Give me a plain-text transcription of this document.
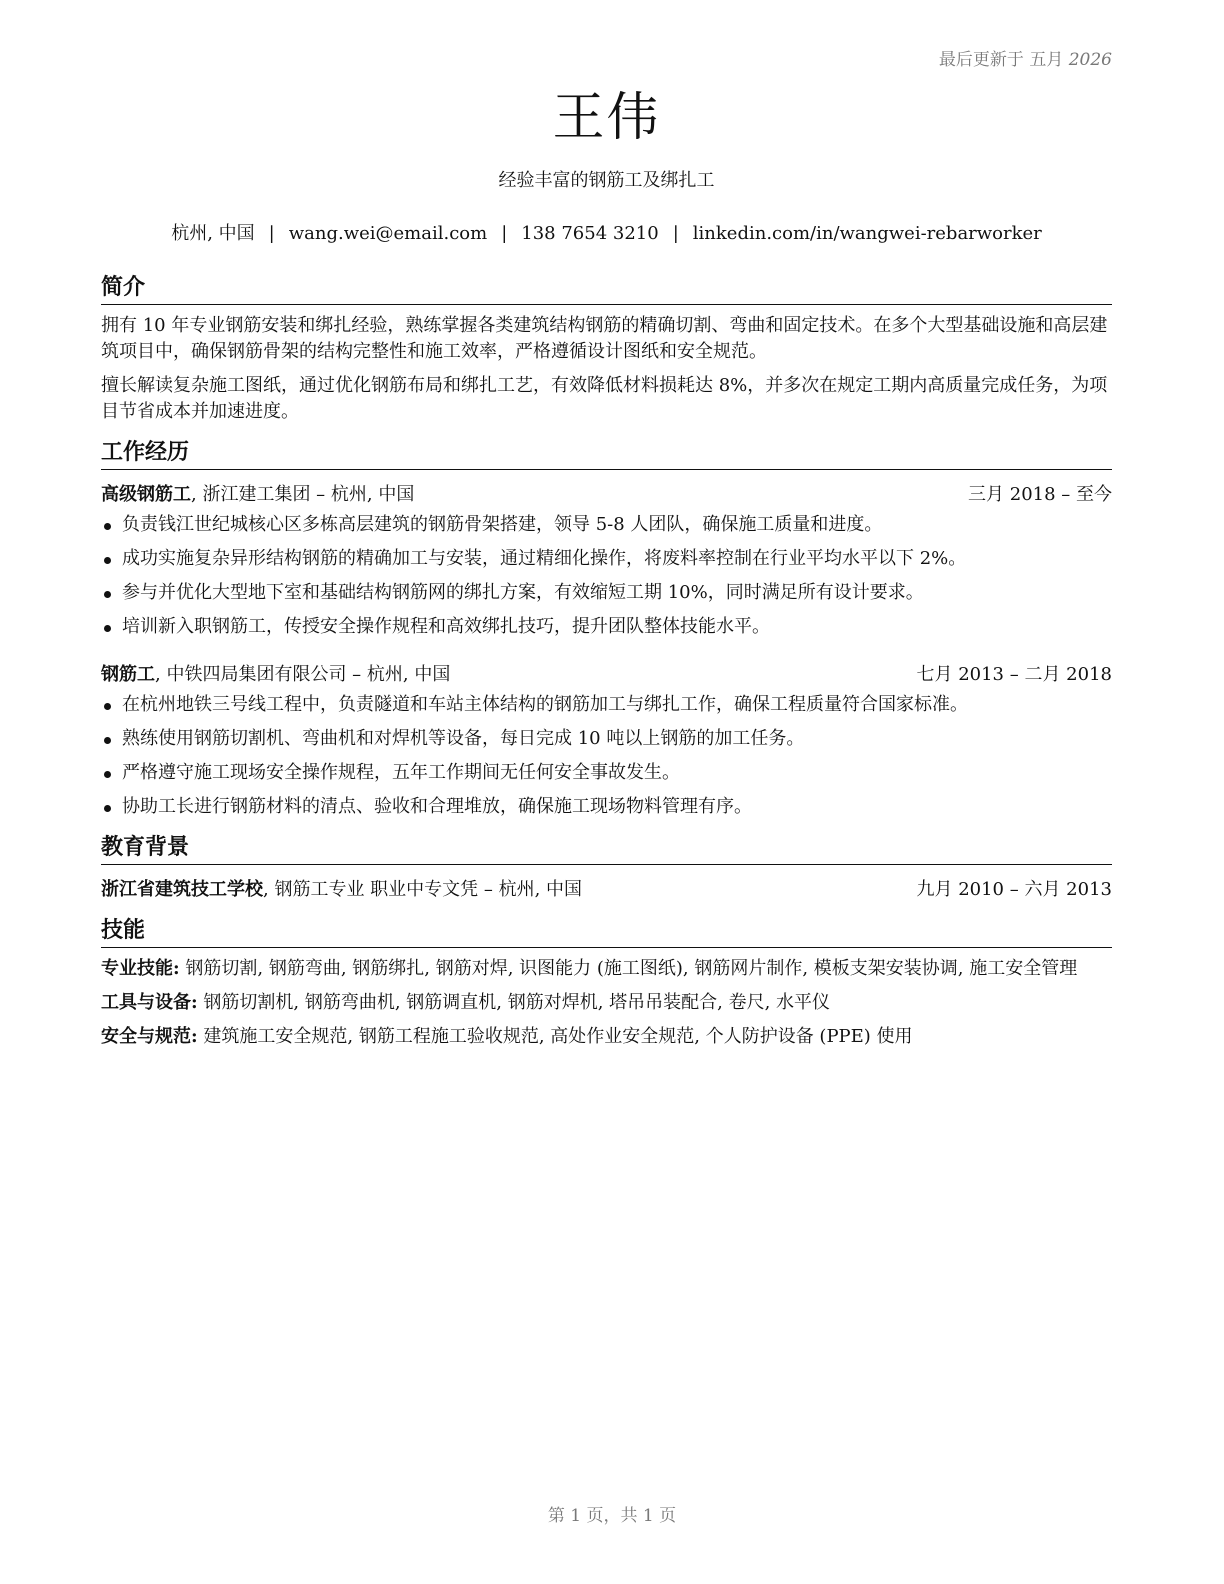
最后更新于 五月 2026
王伟
经验丰富的钢筋工及绑扎工
杭州, 中国 | wang.wei@email.com | 138 7654 3210 | linkedin.com/in/wangwei-rebarworker
简介
拥有 10 年专业钢筋安装和绑扎经验，熟练掌握各类建筑结构钢筋的精确切割、弯曲和固定技术。在多个大型基础设施和高层建筑项目中，确保钢筋骨架的结构完整性和施工效率，严格遵循设计图纸和安全规范。
擅长解读复杂施工图纸，通过优化钢筋布局和绑扎工艺，有效降低材料损耗达 8%，并多次在规定工期内高质量完成任务，为项目节省成本并加速进度。
工作经历
高级钢筋工, 浙江建工集团 – 杭州, 中国	三月 2018 – 至今
负责钱江世纪城核心区多栋高层建筑的钢筋骨架搭建，领导 5-8 人团队，确保施工质量和进度。
成功实施复杂异形结构钢筋的精确加工与安装，通过精细化操作，将废料率控制在行业平均水平以下 2%。
参与并优化大型地下室和基础结构钢筋网的绑扎方案，有效缩短工期 10%，同时满足所有设计要求。
培训新入职钢筋工，传授安全操作规程和高效绑扎技巧，提升团队整体技能水平。
钢筋工, 中铁四局集团有限公司 – 杭州, 中国	七月 2013 – 二月 2018
在杭州地铁三号线工程中，负责隧道和车站主体结构的钢筋加工与绑扎工作，确保工程质量符合国家标准。
熟练使用钢筋切割机、弯曲机和对焊机等设备，每日完成 10 吨以上钢筋的加工任务。
严格遵守施工现场安全操作规程，五年工作期间无任何安全事故发生。
协助工长进行钢筋材料的清点、验收和合理堆放，确保施工现场物料管理有序。
教育背景
浙江省建筑技工学校, 钢筋工专业 职业中专文凭 – 杭州, 中国	九月 2010 – 六月 2013
技能
专业技能: 钢筋切割, 钢筋弯曲, 钢筋绑扎, 钢筋对焊, 识图能力 (施工图纸), 钢筋网片制作, 模板支架安装协调, 施工安全管理
工具与设备: 钢筋切割机, 钢筋弯曲机, 钢筋调直机, 钢筋对焊机, 塔吊吊装配合, 卷尺, 水平仪
安全与规范: 建筑施工安全规范, 钢筋工程施工验收规范, 高处作业安全规范, 个人防护设备 (PPE) 使用
第 1 页，共 1 页
